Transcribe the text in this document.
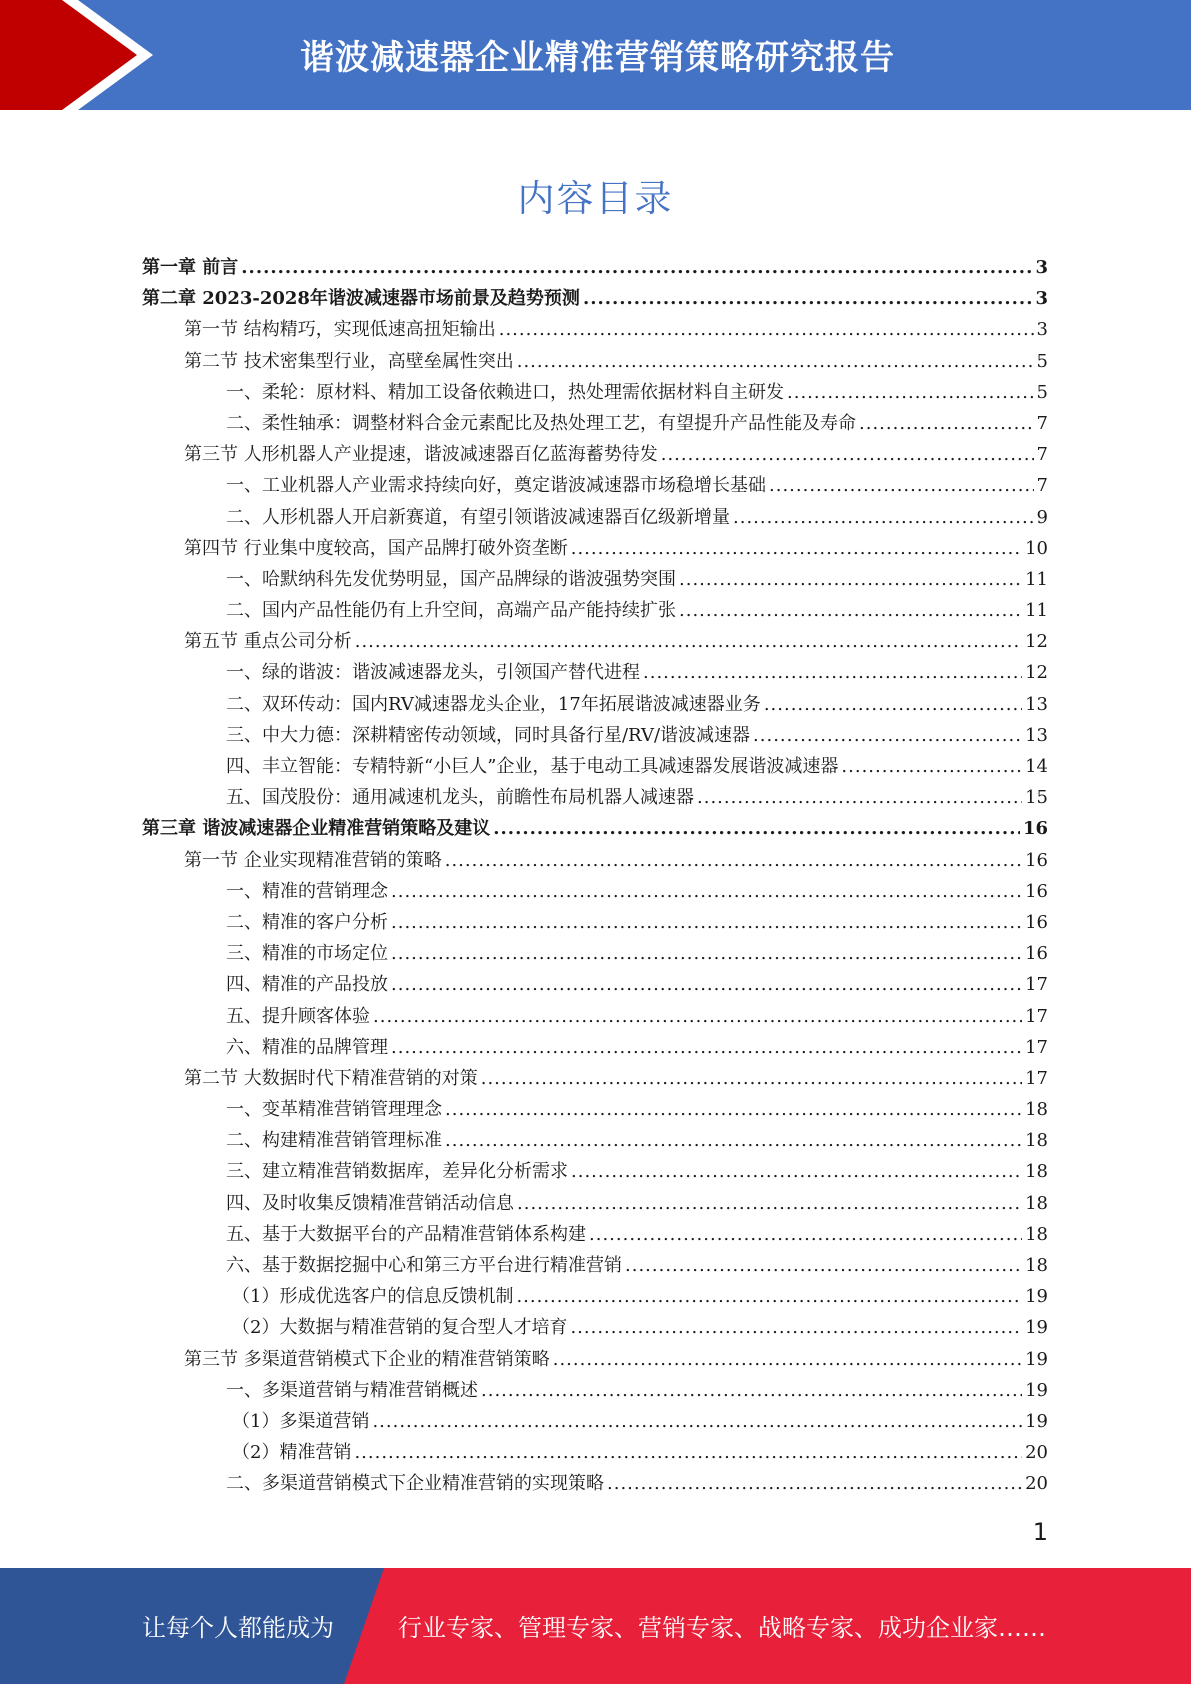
谐波减速器企业精准营销策略研究报告
内容目录
第一章 前言 .....	3
第二章 2023-2028年谐波减速器市场前景及趋势预测 .....	3
第一节 结构精巧，实现低速高扭矩输出 .....	3
第二节 技术密集型行业，高壁垒属性突出 .....	5
一、柔轮：原材料、精加工设备依赖进口，热处理需依据材料自主研发 .....	5
二、柔性轴承：调整材料合金元素配比及热处理工艺，有望提升产品性能及寿命 .....	7
第三节 人形机器人产业提速，谐波减速器百亿蓝海蓄势待发 .....	7
一、工业机器人产业需求持续向好，奠定谐波减速器市场稳增长基础 .....	7
二、人形机器人开启新赛道，有望引领谐波减速器百亿级新增量 .....	9
第四节 行业集中度较高，国产品牌打破外资垄断 .....	10
一、哈默纳科先发优势明显，国产品牌绿的谐波强势突围 .....	11
二、国内产品性能仍有上升空间，高端产品产能持续扩张 .....	11
第五节 重点公司分析 .....	12
一、绿的谐波：谐波减速器龙头，引领国产替代进程 .....	12
二、双环传动：国内RV减速器龙头企业，17年拓展谐波减速器业务 .....	13
三、中大力德：深耕精密传动领域，同时具备行星/RV/谐波减速器 .....	13
四、丰立智能：专精特新“小巨人”企业，基于电动工具减速器发展谐波减速器 .....	14
五、国茂股份：通用减速机龙头，前瞻性布局机器人减速器 .....	15
第三章 谐波减速器企业精准营销策略及建议 .....	16
第一节 企业实现精准营销的策略 .....	16
一、精准的营销理念 .....	16
二、精准的客户分析 .....	16
三、精准的市场定位 .....	16
四、精准的产品投放 .....	17
五、提升顾客体验 .....	17
六、精准的品牌管理 .....	17
第二节 大数据时代下精准营销的对策 .....	17
一、变革精准营销管理理念 .....	18
二、构建精准营销管理标准 .....	18
三、建立精准营销数据库，差异化分析需求 .....	18
四、及时收集反馈精准营销活动信息 .....	18
五、基于大数据平台的产品精准营销体系构建 .....	18
六、基于数据挖掘中心和第三方平台进行精准营销 .....	18
（1）形成优选客户的信息反馈机制 .....	19
（2）大数据与精准营销的复合型人才培育 .....	19
第三节 多渠道营销模式下企业的精准营销策略 .....	19
一、多渠道营销与精准营销概述 .....	19
（1）多渠道营销 .....	19
（2）精准营销 .....	20
二、多渠道营销模式下企业精准营销的实现策略 .....	20
1
让每个人都能成为	行业专家、管理专家、营销专家、战略专家、成功企业家……
